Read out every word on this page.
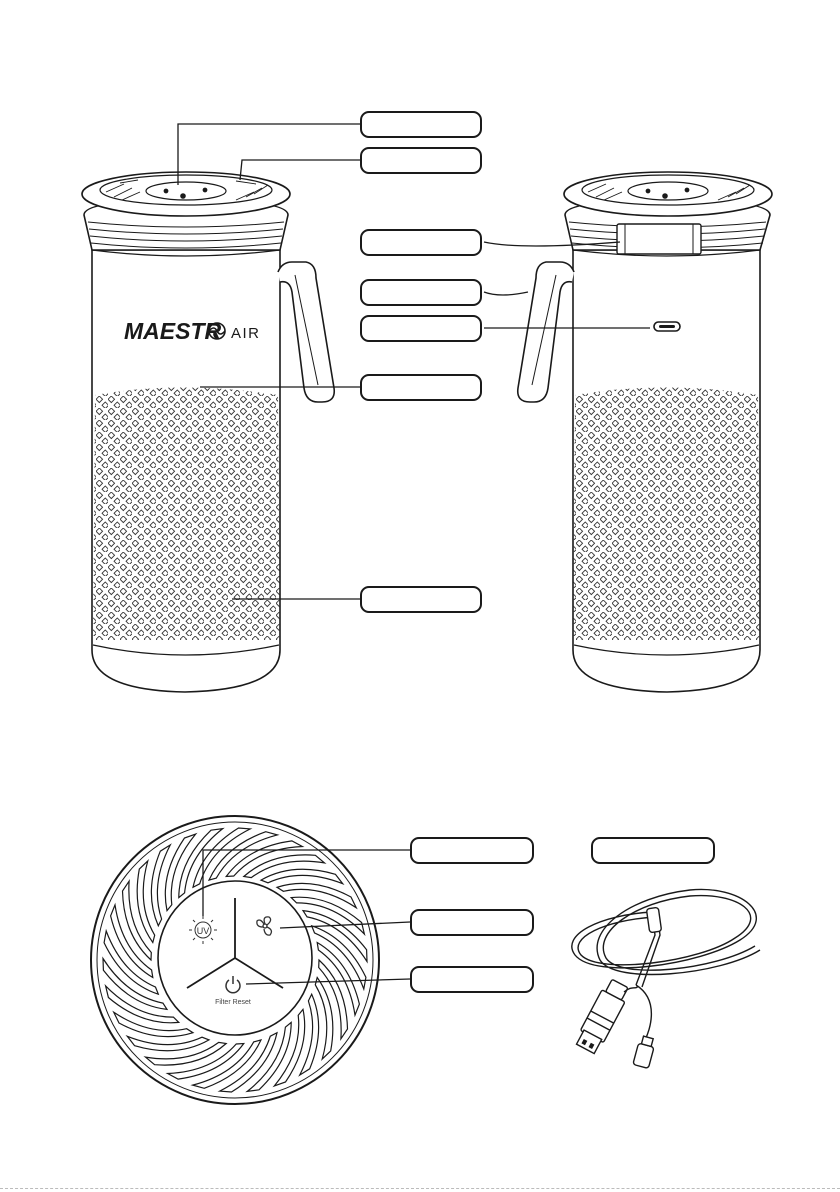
MAESTR AIR
UV
Filter Reset
